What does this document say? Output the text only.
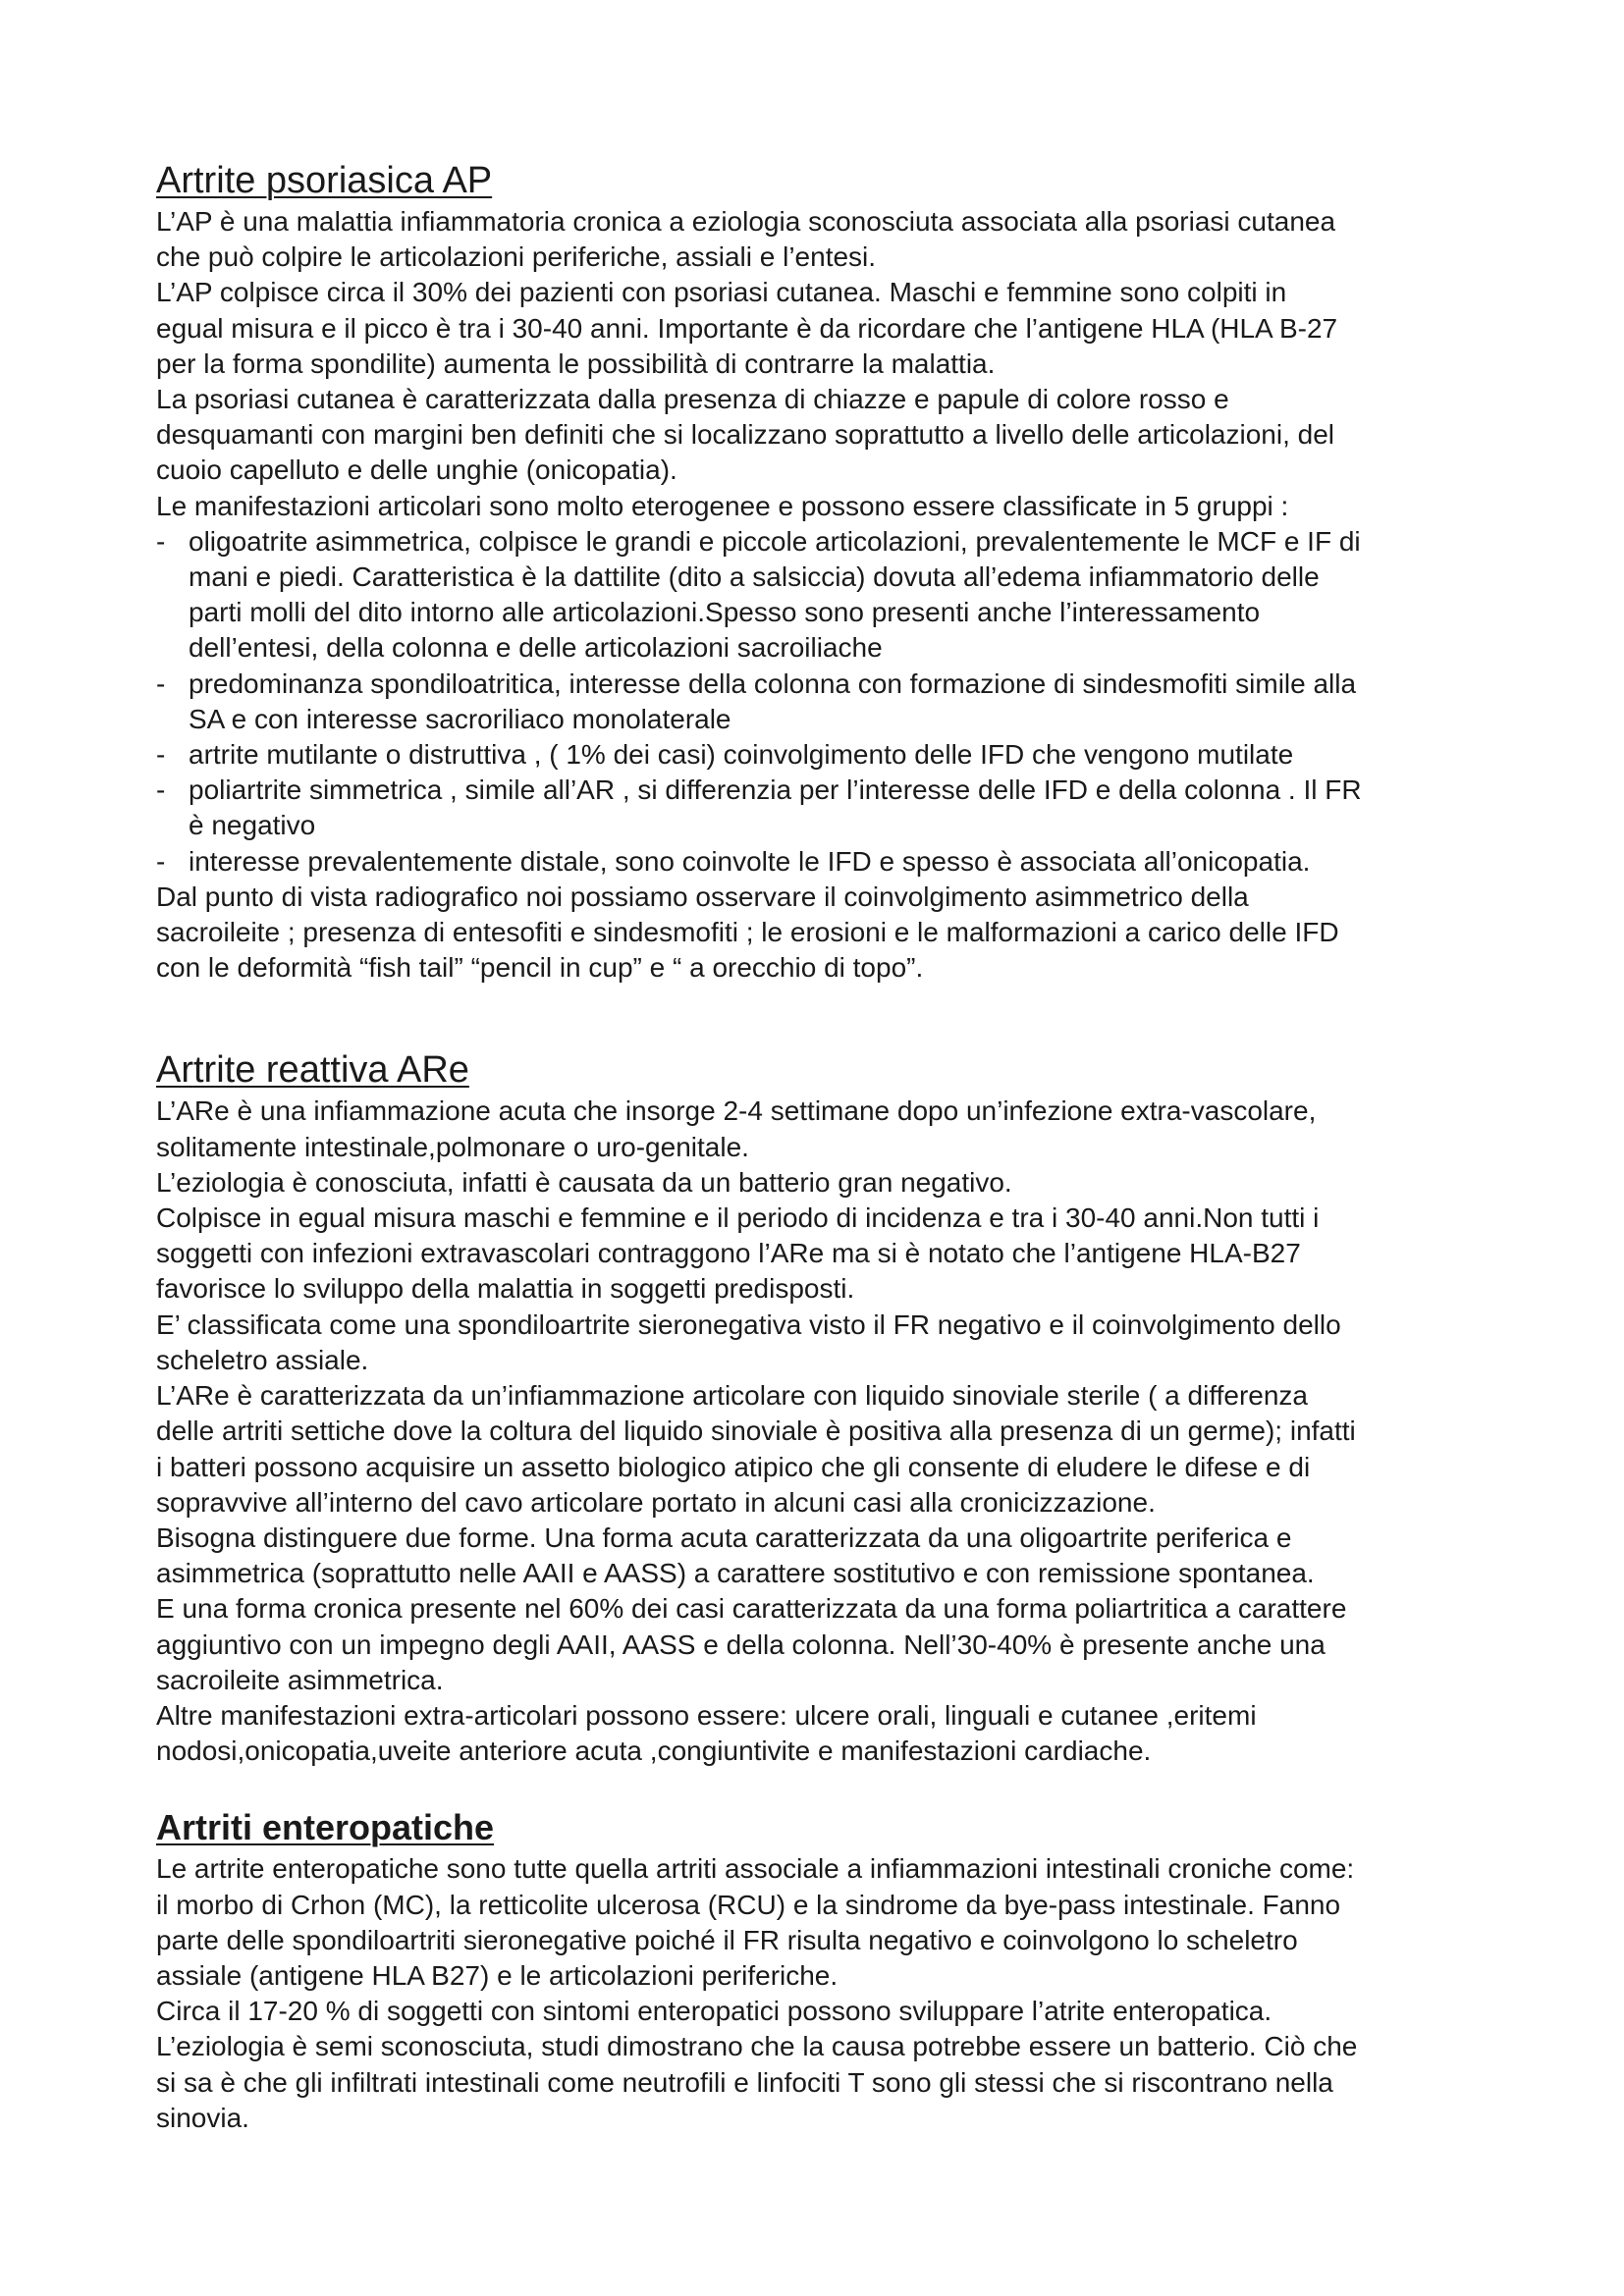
Artrite psoriasica AP

L’AP è una malattia infiammatoria cronica a eziologia sconosciuta associata alla psoriasi cutanea
che può colpire le articolazioni periferiche, assiali e l’entesi.

L’AP colpisce circa il 30% dei pazienti con psoriasi cutanea. Maschi e femmine sono colpiti in
egual misura e il picco è tra i 30-40 anni. Importante è da ricordare che l’antigene HLA (HLA B-27
per la forma spondilite) aumenta le possibilità di contrarre la malattia.

La psoriasi cutanea è caratterizzata dalla presenza di chiazze e papule di colore rosso e
desquamanti con margini ben definiti che si localizzano soprattutto a livello delle articolazioni, del
cuoio capelluto e delle unghie (onicopatia).

Le manifestazioni articolari sono molto eterogenee e possono essere classificate in 5 gruppi :

- oligoatrite asimmetrica, colpisce le grandi e piccole articolazioni, prevalentemente le MCF e IF di
mani e piedi. Caratteristica è la dattilite (dito a salsiccia) dovuta all’edema infiammatorio delle
parti molli del dito intorno alle articolazioni.Spesso sono presenti anche l’interessamento
dell’entesi, della colonna e delle articolazioni sacroiliache
- predominanza spondiloatritica, interesse della colonna con formazione di sindesmofiti simile alla
SA e con interesse sacroriliaco monolaterale
- artrite mutilante o distruttiva , ( 1% dei casi) coinvolgimento delle IFD che vengono mutilate
- poliartrite simmetrica , simile all’AR , si differenzia per l’interesse delle IFD e della colonna . Il FR
è negativo
- interesse prevalentemente distale, sono coinvolte le IFD e spesso è associata all’onicopatia.

Dal punto di vista radiografico noi possiamo osservare il coinvolgimento asimmetrico della
sacroileite ; presenza di entesofiti e sindesmofiti ; le erosioni e le malformazioni a carico delle IFD
con le deformità “fish tail” “pencil in cup” e “ a orecchio di topo”.

Artrite reattiva ARe

L’ARe è una infiammazione acuta che insorge 2-4 settimane dopo un’infezione extra-vascolare,
solitamente intestinale,polmonare o uro-genitale.

L’eziologia è conosciuta, infatti è causata da un batterio gran negativo.

Colpisce in egual misura maschi e femmine e il periodo di incidenza e tra i 30-40 anni.Non tutti i
soggetti con infezioni extravascolari contraggono l’ARe ma si è notato che l’antigene HLA-B27
favorisce lo sviluppo della malattia in soggetti predisposti.

E’ classificata come una spondiloartrite sieronegativa visto il FR negativo e il coinvolgimento dello
scheletro assiale.

L’ARe è caratterizzata da un’infiammazione articolare con liquido sinoviale sterile ( a differenza
delle artriti settiche dove la coltura del liquido sinoviale è positiva alla presenza di un germe); infatti
i batteri possono acquisire un assetto biologico atipico che gli consente di eludere le difese e di
sopravvive all’interno del cavo articolare portato in alcuni casi alla cronicizzazione.

Bisogna distinguere due forme. Una forma acuta caratterizzata da una oligoartrite periferica e
asimmetrica (soprattutto nelle AAII e AASS) a carattere sostitutivo e con remissione spontanea.

E una forma cronica presente nel 60% dei casi caratterizzata da una forma poliartritica a carattere
aggiuntivo con un impegno degli AAII, AASS e della colonna. Nell’30-40% è presente anche una
sacroileite asimmetrica.

Altre manifestazioni extra-articolari possono essere: ulcere orali, linguali e cutanee ,eritemi
nodosi,onicopatia,uveite anteriore acuta ,congiuntivite e manifestazioni cardiache.

Artriti enteropatiche

Le artrite enteropatiche sono tutte quella artriti associale a infiammazioni intestinali croniche come:
il morbo di Crhon (MC), la retticolite ulcerosa (RCU) e la sindrome da bye-pass intestinale. Fanno
parte delle spondiloartriti sieronegative poiché il FR risulta negativo e coinvolgono lo scheletro
assiale (antigene HLA B27) e le articolazioni periferiche.

Circa il 17-20 % di soggetti con sintomi enteropatici possono sviluppare l’atrite enteropatica.

L’eziologia è semi sconosciuta, studi dimostrano che la causa potrebbe essere un batterio. Ciò che
si sa è che gli infiltrati intestinali come neutrofili e linfociti T sono gli stessi che si riscontrano nella
sinovia.
